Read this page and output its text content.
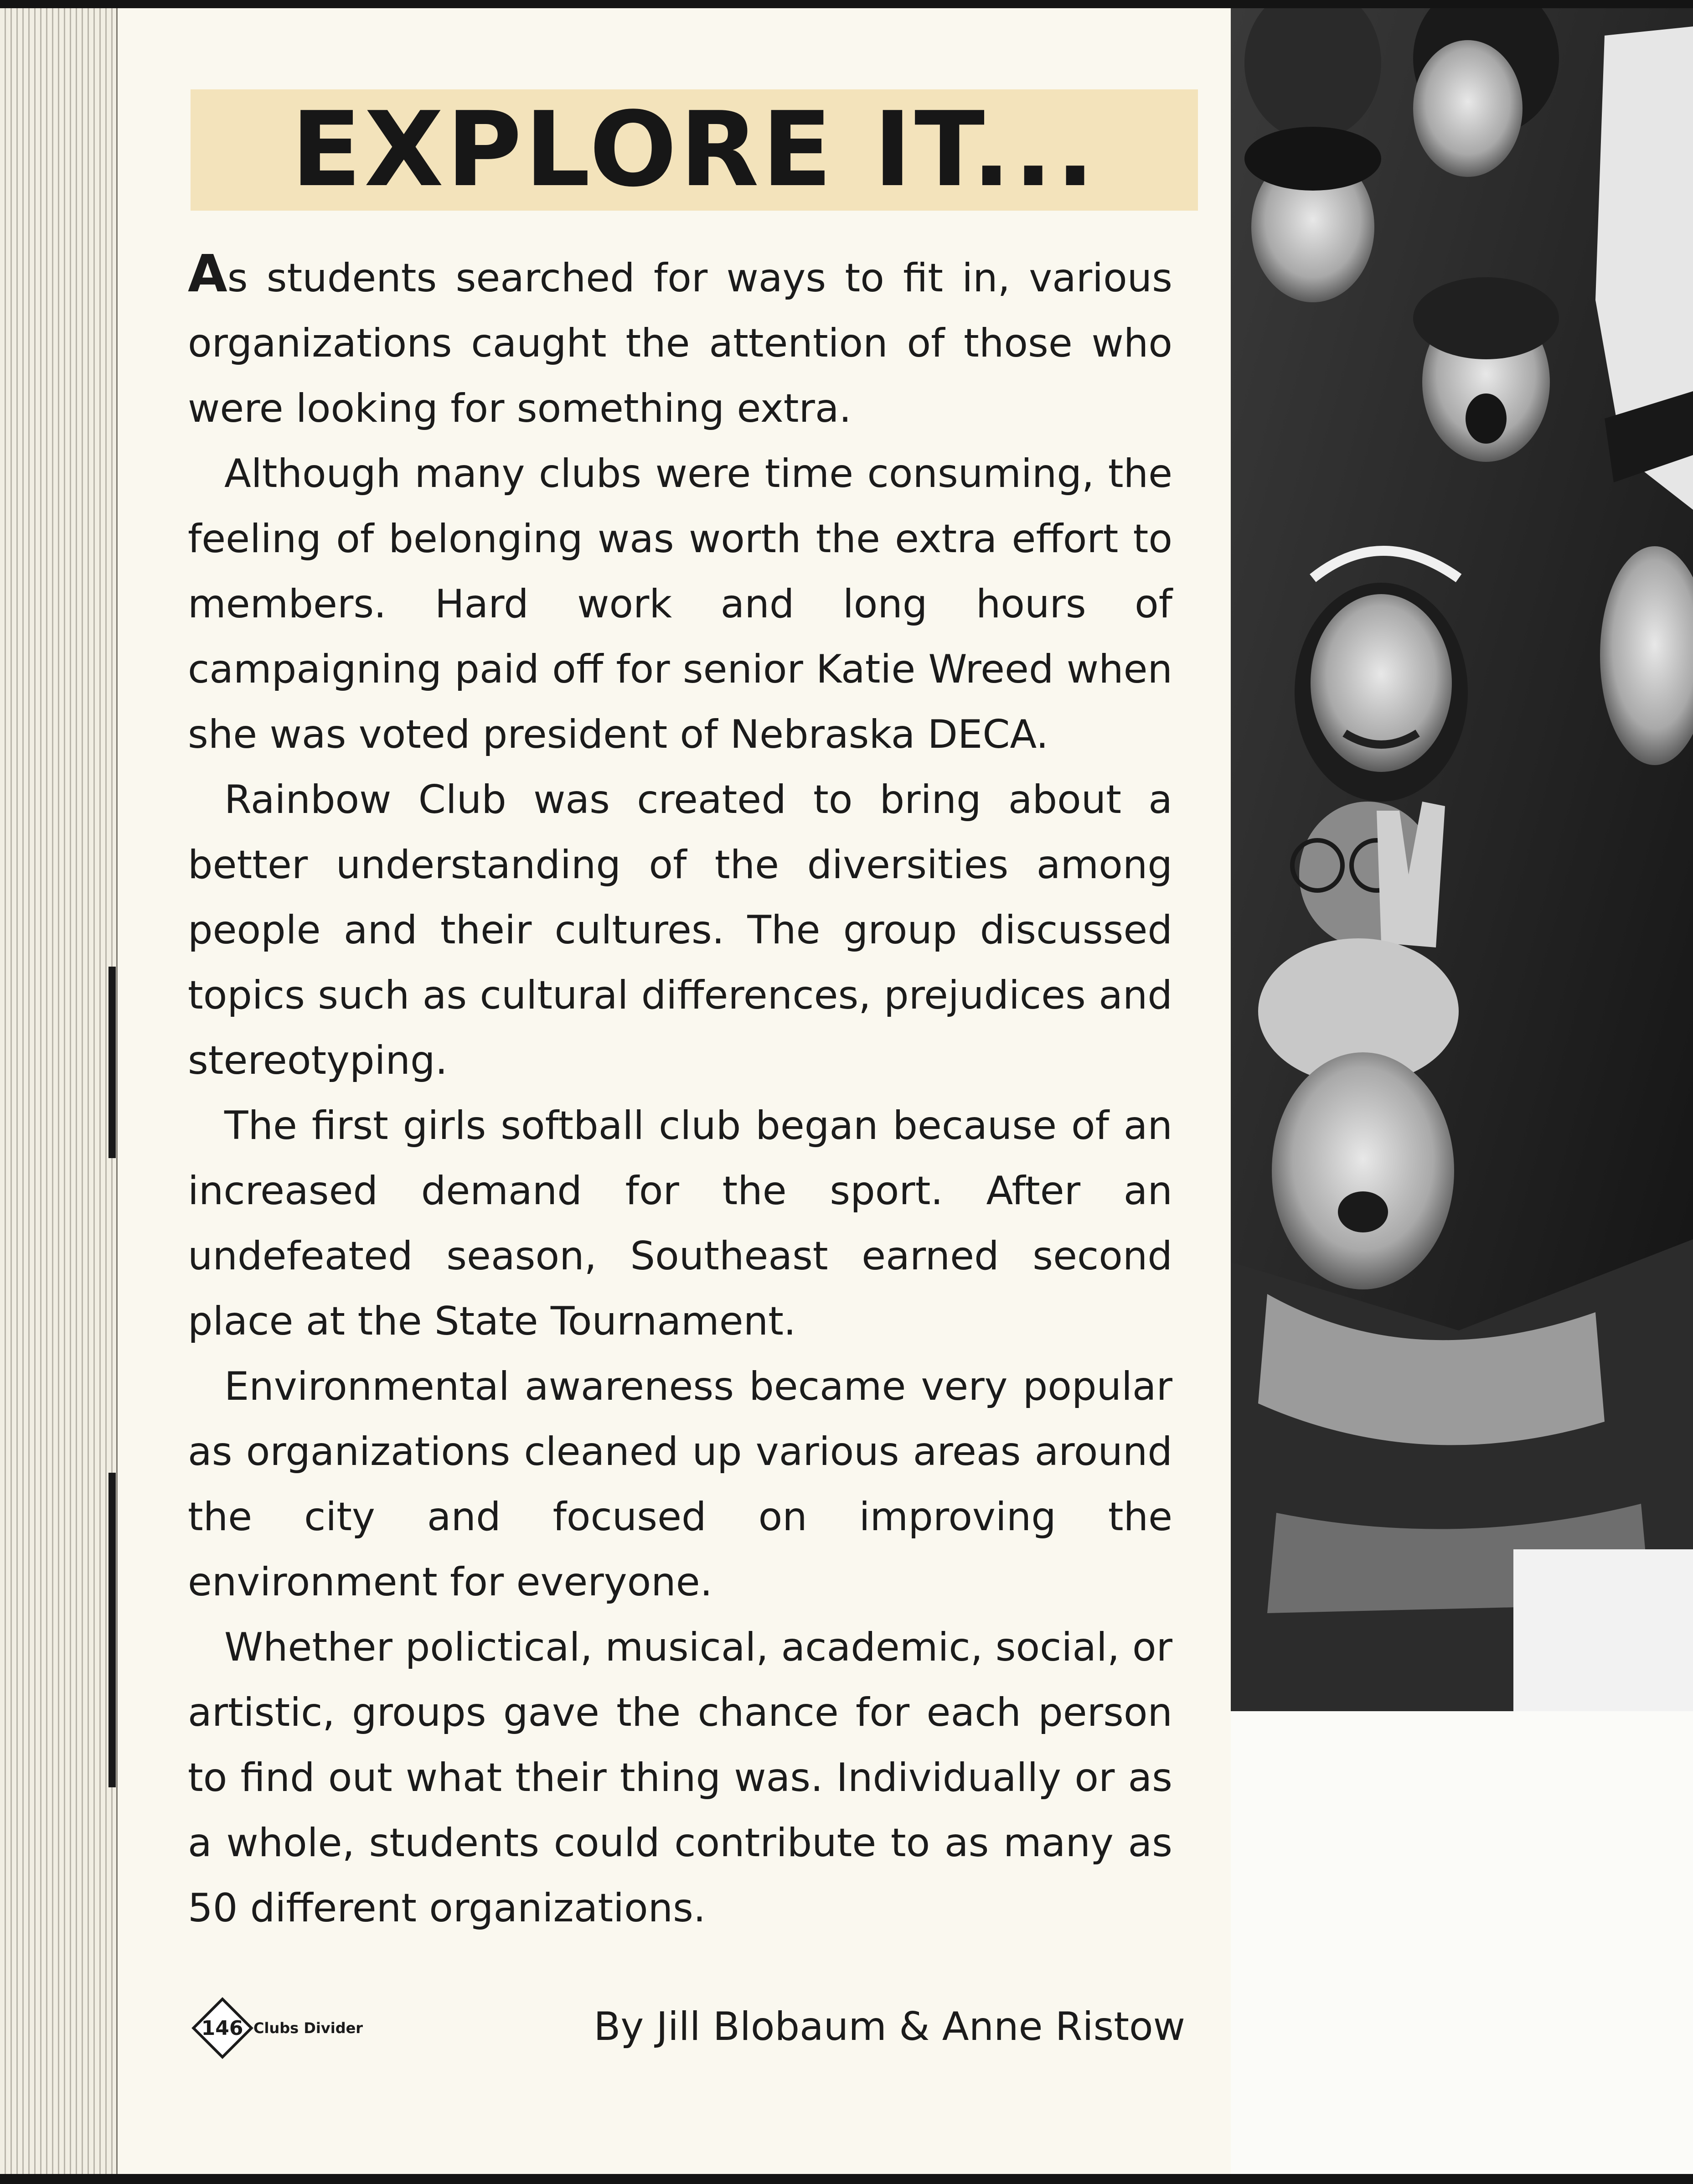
EXPLORE IT...

As students searched for ways to fit in, various organizations caught the attention of those who were looking for something extra.

Although many clubs were time consuming, the feeling of belonging was worth the extra effort to members. Hard work and long hours of campaigning paid off for senior Katie Wreed when she was voted president of Nebraska DECA.

Rainbow Club was created to bring about a better understanding of the diversities among people and their cultures. The group discussed topics such as cultural differences, prejudices and stereotyping.

The first girls softball club began because of an increased demand for the sport. After an undefeated season, Southeast earned second place at the State Tournament.

Environmental awareness became very popular as organizations cleaned up various areas around the city and focused on improving the environment for everyone.

Whether polictical, musical, academic, social, or artistic, groups gave the chance for each person to find out what their thing was. Individually or as a whole, students could contribute to as many as 50 different organizations.

By Jill Blobaum & Anne Ristow
146 Clubs Divider
